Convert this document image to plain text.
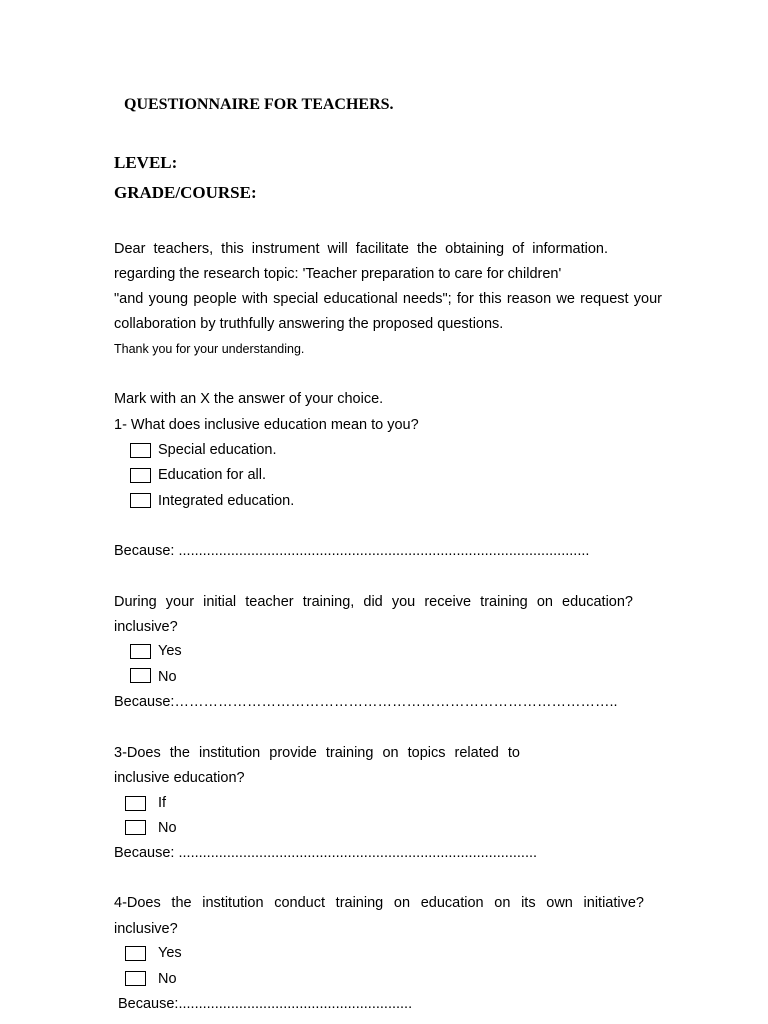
QUESTIONNAIRE FOR TEACHERS.
LEVEL:
GRADE/COURSE:
Dear teachers, this instrument will facilitate the obtaining of information.
regarding the research topic: 'Teacher preparation to care for children'
"and young people with special educational needs"; for this reason we request your
collaboration by truthfully answering the proposed questions.
Thank you for your understanding.
Mark with an X the answer of your choice.
1- What does inclusive education mean to you?
Special education.
Education for all.
Integrated education.
Because: ......................................................................................................
During your initial teacher training, did you receive training on education?
inclusive?
Yes
No
Because:………………………………………………………………………………..
3-Does the institution provide training on topics related to
inclusive education?
If
No
Because: .........................................................................................
4-Does the institution conduct training on education on its own initiative?
inclusive?
Yes
No
Because:..........................................................
